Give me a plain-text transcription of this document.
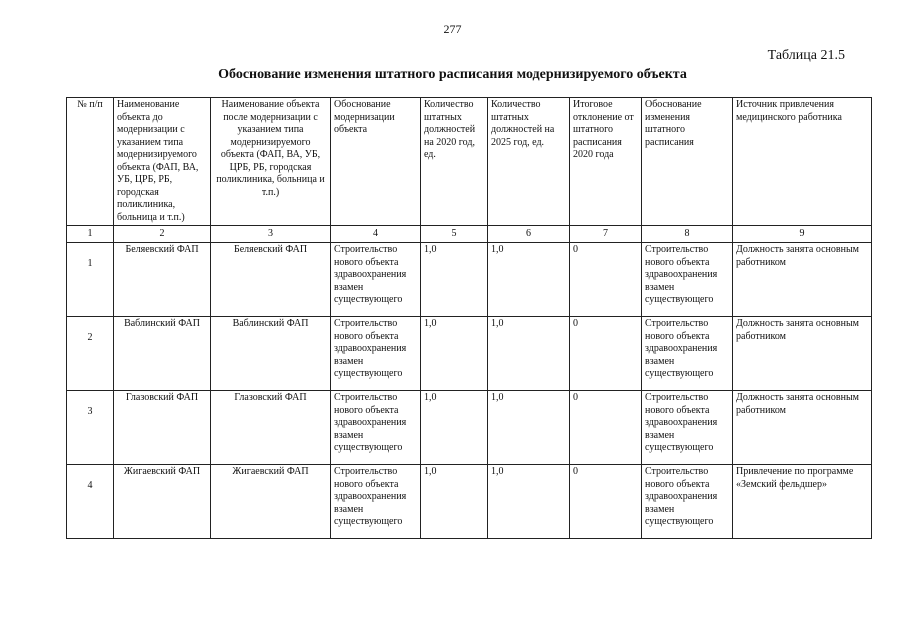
277
Таблица 21.5
Обоснование изменения штатного расписания модернизируемого объекта
№ п/п	Наименование объекта до модернизации с указанием типа модернизируемого объекта (ФАП, ВА, УБ, ЦРБ, РБ, городская поликлиника, больница и т.п.)	Наименование объекта после модернизации с указанием типа модернизируемого объекта (ФАП, ВА, УБ, ЦРБ, РБ, городская поликлиника, больница и т.п.)	Обоснование модернизации объекта	Количество штатных должностей на 2020 год, ед.	Количество штатных должностей на 2025 год, ед.	Итоговое отклонение от штатного расписания 2020 года	Обоснование изменения штатного расписания	Источник привлечения медицинского работника
1	2	3	4	5	6	7	8	9

1	Беляевский ФАП	Беляевский ФАП	Строительство нового объекта здравоохранения взамен существующего	1,0	1,0	0	Строительство нового объекта здравоохранения взамен существующего	Должность занята основным работником

2	Ваблинский ФАП	Ваблинский ФАП	Строительство нового объекта здравоохранения взамен существующего	1,0	1,0	0	Строительство нового объекта здравоохранения взамен существующего	Должность занята основным работником

3	Глазовский ФАП	Глазовский ФАП	Строительство нового объекта здравоохранения взамен существующего	1,0	1,0	0	Строительство нового объекта здравоохранения взамен существующего	Должность занята основным работником

4	Жигаевский ФАП	Жигаевский ФАП	Строительство нового объекта здравоохранения взамен существующего	1,0	1,0	0	Строительство нового объекта здравоохранения взамен существующего	Привлечение по программе «Земский фельдшер»
